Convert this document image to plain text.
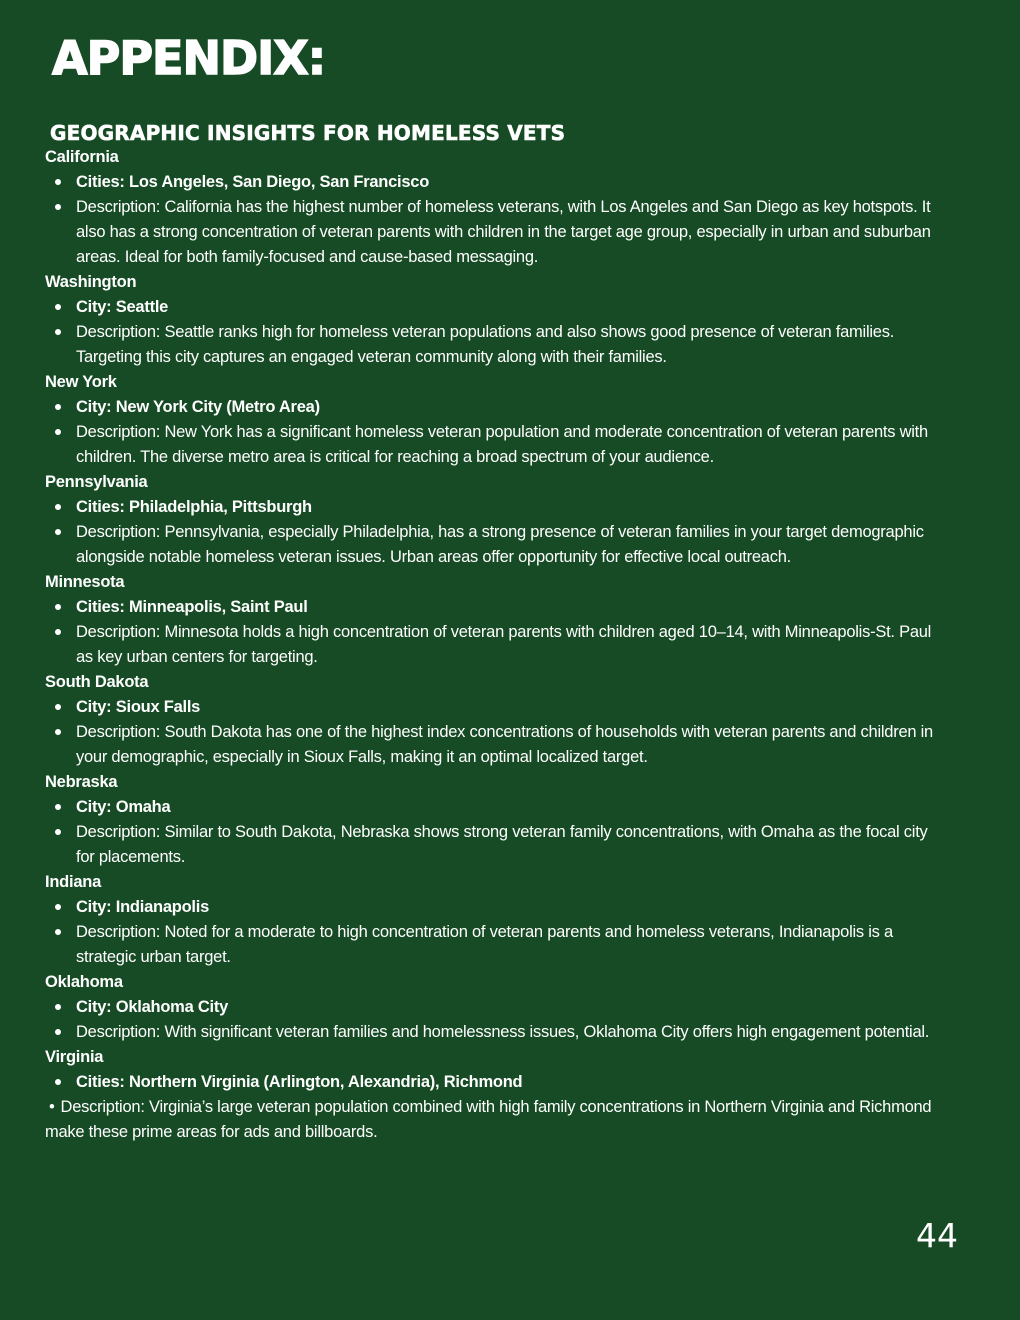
APPENDIX:
GEOGRAPHIC INSIGHTS FOR HOMELESS VETS

California

Cities: Los Angeles, San Diego, San Francisco
Description: California has the highest number of homeless veterans, with Los Angeles and San Diego as key hotspots. It also has a strong concentration of veteran parents with children in the target age group, especially in urban and suburban areas. Ideal for both family-focused and cause-based messaging.

Washington

City: Seattle
Description: Seattle ranks high for homeless veteran populations and also shows good presence of veteran families. Targeting this city captures an engaged veteran community along with their families.

New York

City: New York City (Metro Area)
Description: New York has a significant homeless veteran population and moderate concentration of veteran parents with children. The diverse metro area is critical for reaching a broad spectrum of your audience.

Pennsylvania

Cities: Philadelphia, Pittsburgh
Description: Pennsylvania, especially Philadelphia, has a strong presence of veteran families in your target demographic alongside notable homeless veteran issues. Urban areas offer opportunity for effective local outreach.

Minnesota

Cities: Minneapolis, Saint Paul
Description: Minnesota holds a high concentration of veteran parents with children aged 10–14, with Minneapolis-St. Paul as key urban centers for targeting.

South Dakota

City: Sioux Falls
Description: South Dakota has one of the highest index concentrations of households with veteran parents and children in your demographic, especially in Sioux Falls, making it an optimal localized target.

Nebraska

City: Omaha
Description: Similar to South Dakota, Nebraska shows strong veteran family concentrations, with Omaha as the focal city for placements.

Indiana

City: Indianapolis
Description: Noted for a moderate to high concentration of veteran parents and homeless veterans, Indianapolis is a strategic urban target.

Oklahoma

City: Oklahoma City
Description: With significant veteran families and homelessness issues, Oklahoma City offers high engagement potential.

Virginia

Cities: Northern Virginia (Arlington, Alexandria), Richmond

• Description: Virginia’s large veteran population combined with high family concentrations in Northern Virginia and Richmond make these prime areas for ads and billboards.

44
